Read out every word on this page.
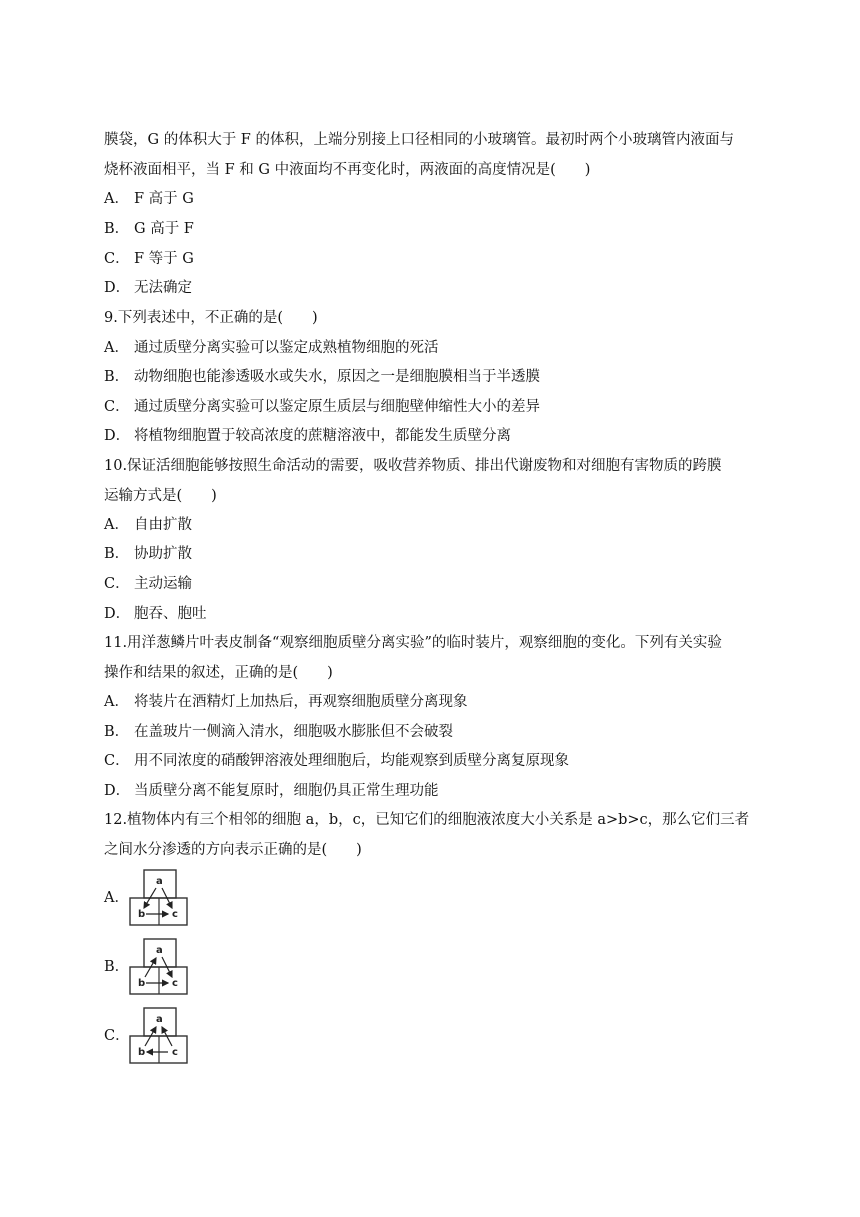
膜袋，G 的体积大于 F 的体积，上端分别接上口径相同的小玻璃管。最初时两个小玻璃管内液面与
烧杯液面相平，当 F 和 G 中液面均不再变化时，两液面的高度情况是(　　)
A． F 高于 G
B． G 高于 F
C． F 等于 G
D． 无法确定
9.下列表述中，不正确的是(　　)
A． 通过质壁分离实验可以鉴定成熟植物细胞的死活
B． 动物细胞也能渗透吸水或失水，原因之一是细胞膜相当于半透膜
C． 通过质壁分离实验可以鉴定原生质层与细胞壁伸缩性大小的差异
D． 将植物细胞置于较高浓度的蔗糖溶液中，都能发生质壁分离
10.保证活细胞能够按照生命活动的需要，吸收营养物质、排出代谢废物和对细胞有害物质的跨膜
运输方式是(　　)
A． 自由扩散
B． 协助扩散
C． 主动运输
D． 胞吞、胞吐
11.用洋葱鳞片叶表皮制备“观察细胞质壁分离实验”的临时装片，观察细胞的变化。下列有关实验
操作和结果的叙述，正确的是(　　)
A． 将装片在酒精灯上加热后，再观察细胞质壁分离现象
B． 在盖玻片一侧滴入清水，细胞吸水膨胀但不会破裂
C． 用不同浓度的硝酸钾溶液处理细胞后，均能观察到质壁分离复原现象
D． 当质壁分离不能复原时，细胞仍具正常生理功能
12.植物体内有三个相邻的细胞 a，b，c，已知它们的细胞液浓度大小关系是 a>b>c，那么它们三者
之间水分渗透的方向表示正确的是(　　)
A．
a
b	c
B．
a
b	c
C．
a
b	c
